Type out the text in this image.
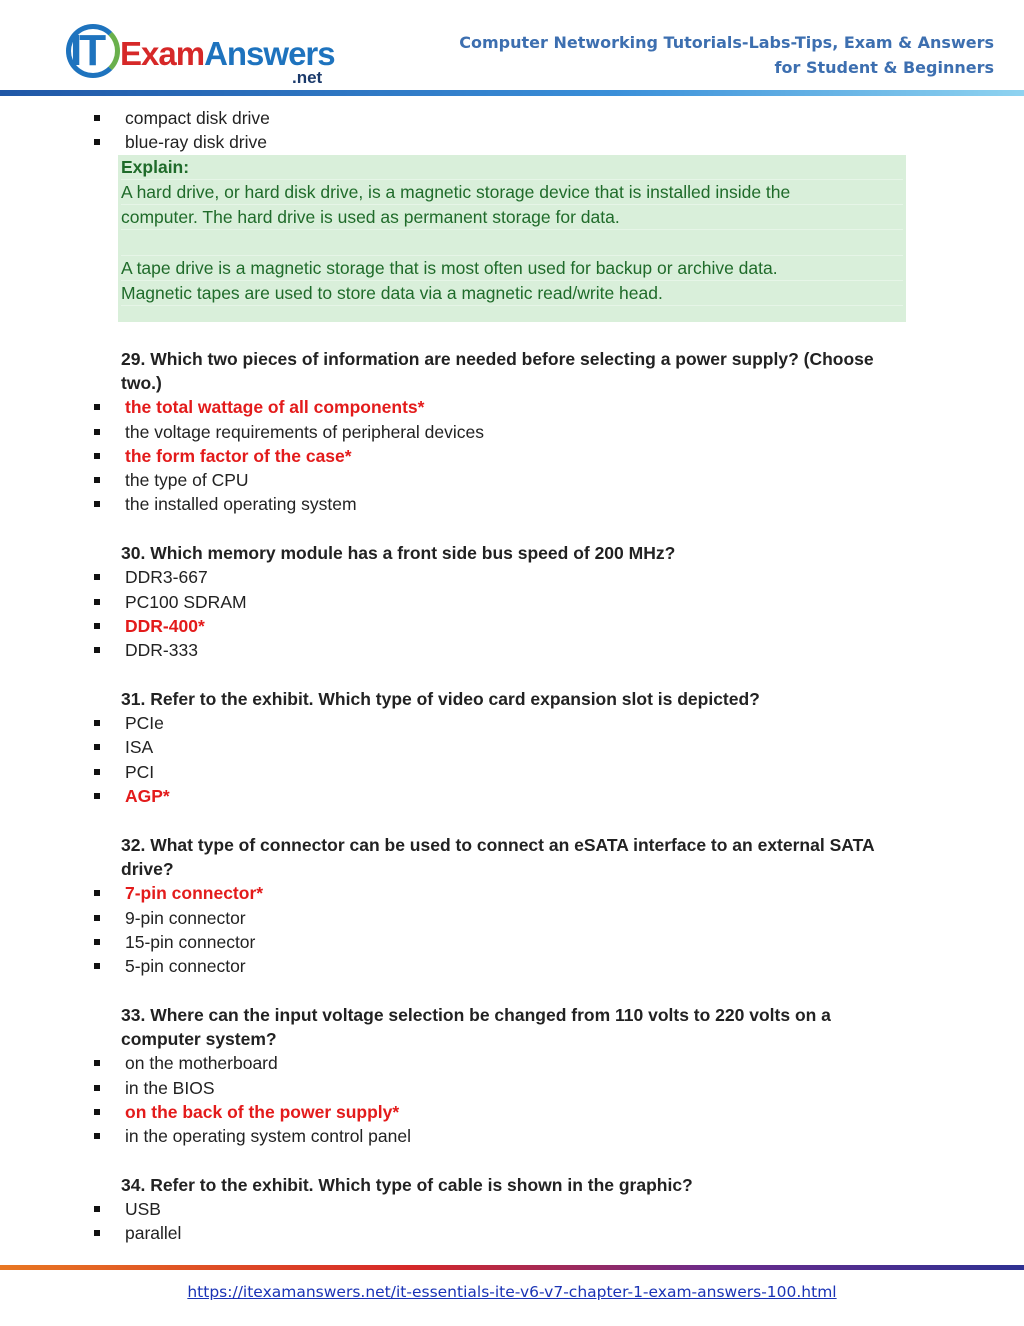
IT ExamAnswers
.net
Computer Networking Tutorials-Labs-Tips, Exam & Answers
for Student & Beginners
compact disk drive
blue-ray disk drive
Explain:
A hard drive, or hard disk drive, is a magnetic storage device that is installed inside the
computer. The hard drive is used as permanent storage for data.
A tape drive is a magnetic storage that is most often used for backup or archive data.
Magnetic tapes are used to store data via a magnetic read/write head.
29. Which two pieces of information are needed before selecting a power supply? (Choose
two.)
the total wattage of all components*
the voltage requirements of peripheral devices
the form factor of the case*
the type of CPU
the installed operating system
30. Which memory module has a front side bus speed of 200 MHz?
DDR3-667
PC100 SDRAM
DDR-400*
DDR-333
31. Refer to the exhibit. Which type of video card expansion slot is depicted?
PCIe
ISA
PCI
AGP*
32. What type of connector can be used to connect an eSATA interface to an external SATA
drive?
7-pin connector*
9-pin connector
15-pin connector
5-pin connector
33. Where can the input voltage selection be changed from 110 volts to 220 volts on a
computer system?
on the motherboard
in the BIOS
on the back of the power supply*
in the operating system control panel
34. Refer to the exhibit. Which type of cable is shown in the graphic?
USB
parallel
https://itexamanswers.net/it-essentials-ite-v6-v7-chapter-1-exam-answers-100.html
